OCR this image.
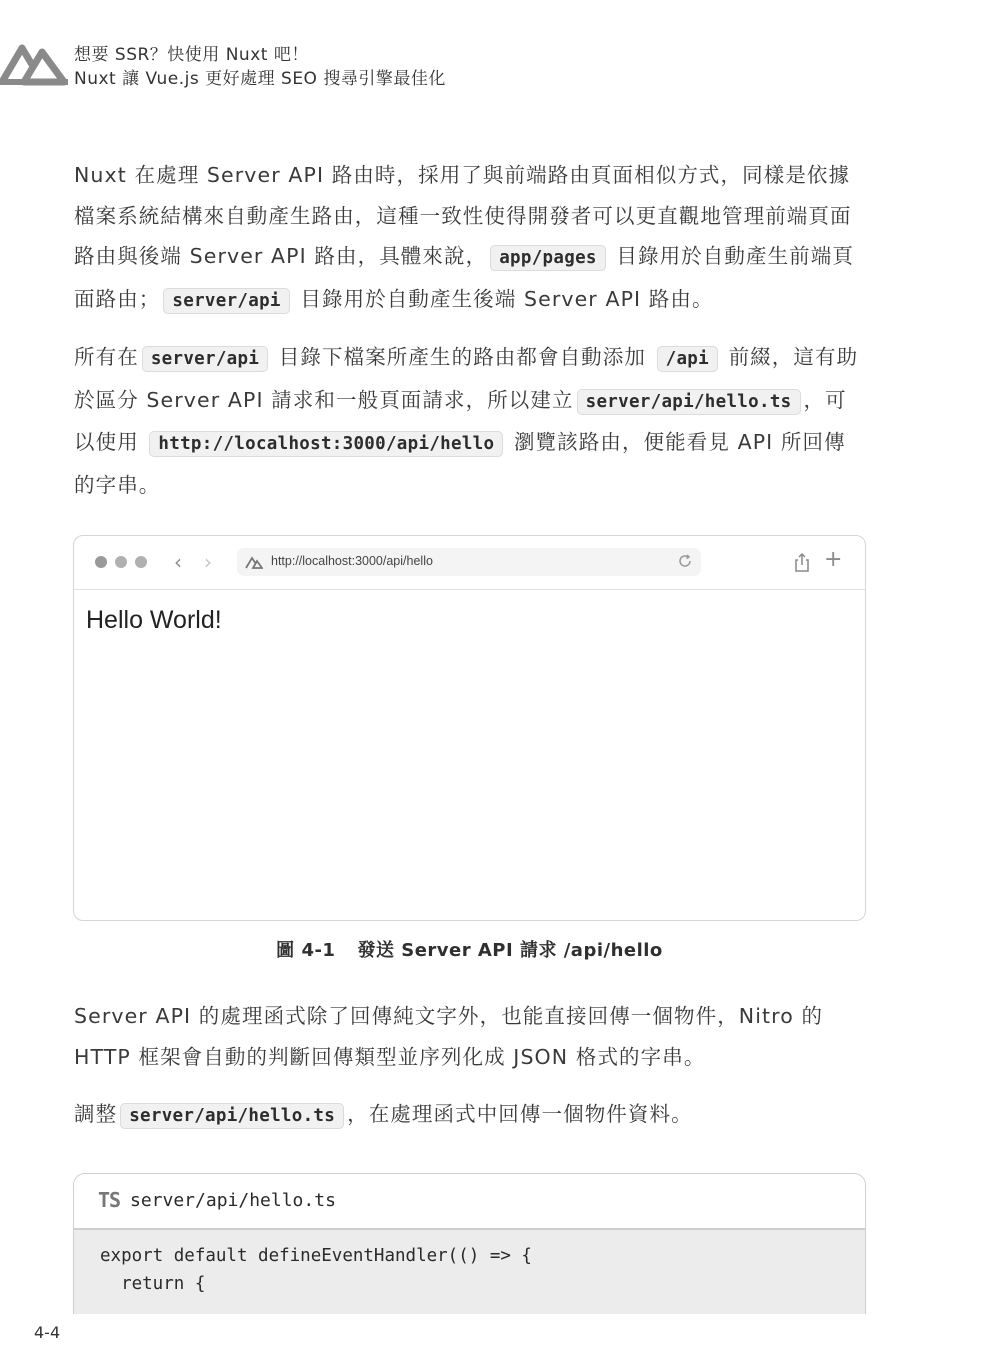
想要 SSR？快使用 Nuxt 吧！
Nuxt 讓 Vue.js 更好處理 SEO 搜尋引擎最佳化

Nuxt 在處理 Server API 路由時，採用了與前端路由頁面相似方式，同樣是依據檔案系統結構來自動產生路由，這種一致性使得開發者可以更直觀地管理前端頁面路由與後端 Server API 路由，具體來說， app/pages 目錄用於自動產生前端頁面路由； server/api 目錄用於自動產生後端 Server API 路由。

所有在 server/api 目錄下檔案所產生的路由都會自動添加 /api 前綴，這有助於區分 Server API 請求和一般頁面請求，所以建立 server/api/hello.ts ，可以使用 http://localhost:3000/api/hello 瀏覽該路由，便能看見 API 所回傳的字串。

‹ ›	http://localhost:3000/api/hello	+
Hello World!
圖 4-1 發送 Server API 請求 /api/hello

Server API 的處理函式除了回傳純文字外，也能直接回傳一個物件，Nitro 的 HTTP 框架會自動的判斷回傳類型並序列化成 JSON 格式的字串。

調整 server/api/hello.ts ，在處理函式中回傳一個物件資料。

TS server/api/hello.ts
export default defineEventHandler(() => {
return {
4-4
